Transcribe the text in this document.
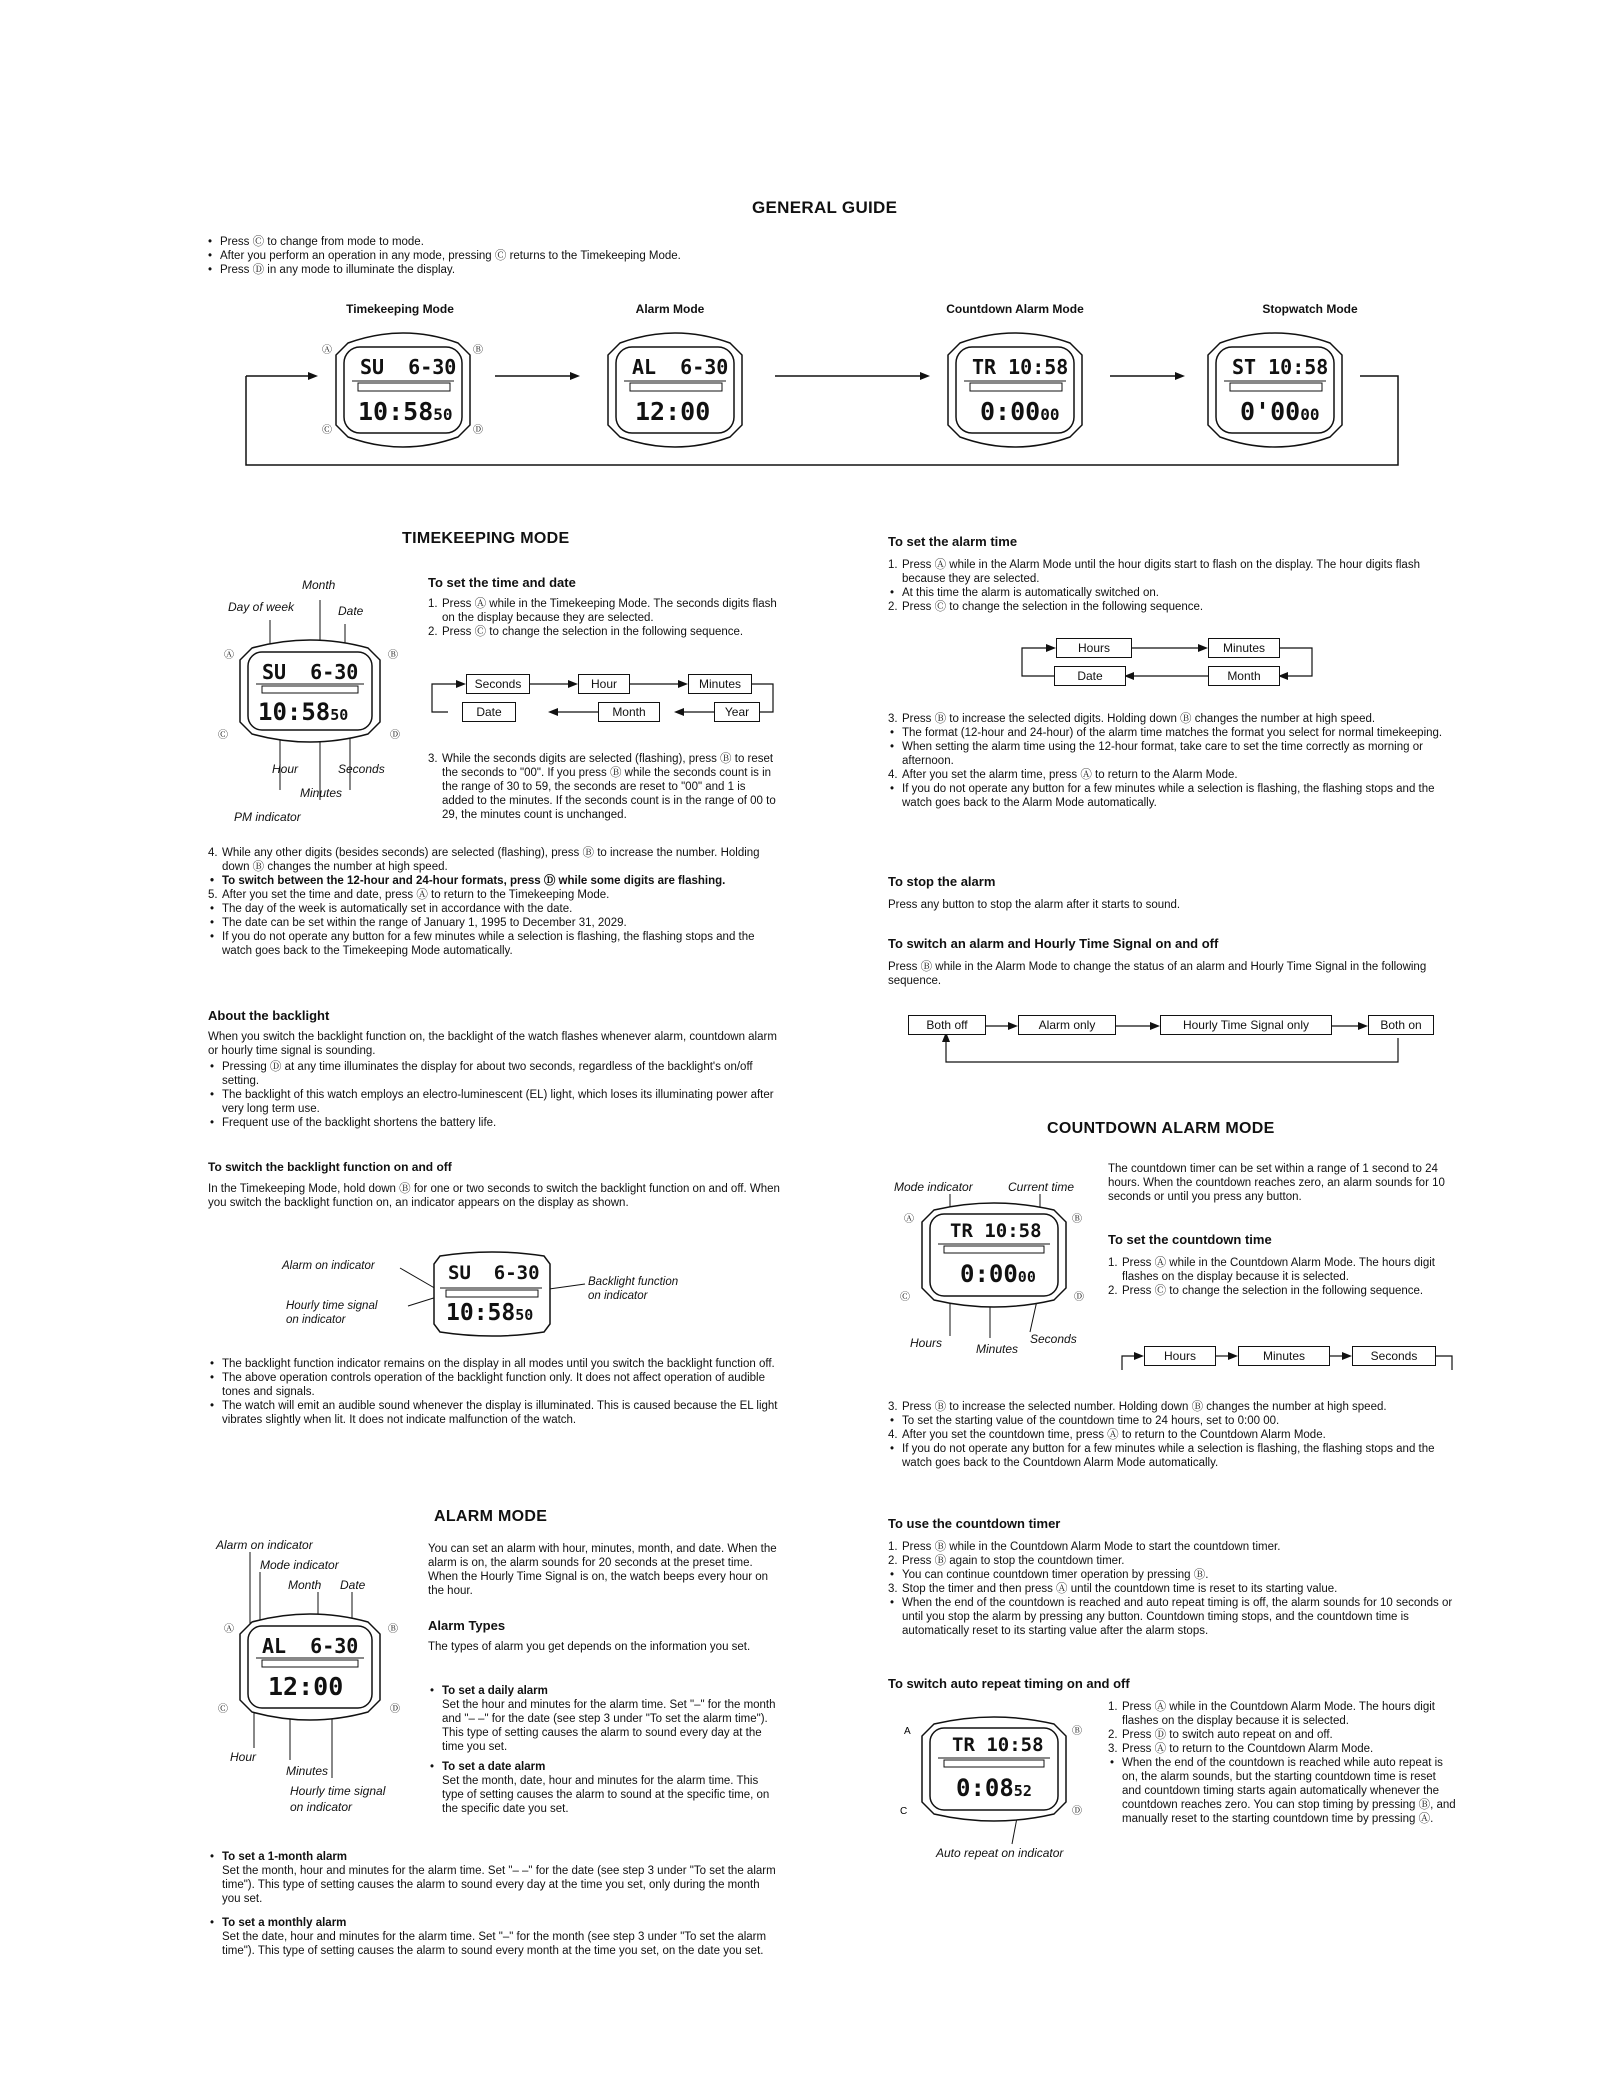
GENERAL GUIDE
• Press Ⓒ to change from mode to mode.
• After you perform an operation in any mode, pressing Ⓒ returns to the Timekeeping Mode.
• Press Ⓓ in any mode to illuminate the display.
Timekeeping Mode	Alarm Mode	Countdown Alarm Mode	Stopwatch Mode
Ⓐ	Ⓑ
Ⓒ	Ⓓ
SU  6-30
10:5850
AL  6-30
12:00
TR 10:58
0:0000
ST 10:58
0'0000
TIMEKEEPING MODE
Month
Day of week	Date
Ⓐ	Ⓑ
Ⓒ	Ⓓ
SU  6-30
10:5850
Hour	Seconds
Minutes
PM indicator
To set the time and date
1. Press Ⓐ while in the Timekeeping Mode. The seconds digits flash on the display because they are selected.
2. Press Ⓒ to change the selection in the following sequence.
Seconds	Hour	Minutes
Date	Month	Year
3. While the seconds digits are selected (flashing), press Ⓑ to reset the seconds to "00". If you press Ⓑ while the seconds count is in the range of 30 to 59, the seconds are reset to "00" and 1 is added to the minutes. If the seconds count is in the range of 00 to 29, the minutes count is unchanged.
4. While any other digits (besides seconds) are selected (flashing), press Ⓑ to increase the number. Holding down Ⓑ changes the number at high speed.
• To switch between the 12-hour and 24-hour formats, press Ⓓ while some digits are flashing.
5. After you set the time and date, press Ⓐ to return to the Timekeeping Mode.
• The day of the week is automatically set in accordance with the date.
• The date can be set within the range of January 1, 1995 to December 31, 2029.
• If you do not operate any button for a few minutes while a selection is flashing, the flashing stops and the watch goes back to the Timekeeping Mode automatically.
About the backlight
When you switch the backlight function on, the backlight of the watch flashes whenever alarm, countdown alarm or hourly time signal is sounding.
• Pressing Ⓓ at any time illuminates the display for about two seconds, regardless of the backlight's on/off setting.
• The backlight of this watch employs an electro-luminescent (EL) light, which loses its illuminating power after very long term use.
• Frequent use of the backlight shortens the battery life.
To switch the backlight function on and off
In the Timekeeping Mode, hold down Ⓑ for one or two seconds to switch the backlight function on and off. When you switch the backlight function on, an indicator appears on the display as shown.
Alarm on indicator
Hourly time signal
on indicator
Backlight function
on indicator
SU  6-30
10:5850
• The backlight function indicator remains on the display in all modes until you switch the backlight function off.
• The above operation controls operation of the backlight function only. It does not affect operation of audible tones and signals.
• The watch will emit an audible sound whenever the display is illuminated. This is caused because the EL light vibrates slightly when lit. It does not indicate malfunction of the watch.
ALARM MODE
Alarm on indicator
Mode indicator
Month Date
Ⓐ	Ⓑ
Ⓒ	Ⓓ
AL  6-30
12:00
Hour
Minutes
Hourly time signal
on indicator
You can set an alarm with hour, minutes, month, and date. When the alarm is on, the alarm sounds for 20 seconds at the preset time. When the Hourly Time Signal is on, the watch beeps every hour on the hour.
Alarm Types
The types of alarm you get depends on the information you set.
• To set a daily alarm
Set the hour and minutes for the alarm time. Set "–" for the month and "– –" for the date (see step 3 under "To set the alarm time"). This type of setting causes the alarm to sound every day at the time you set.
• To set a date alarm
Set the month, date, hour and minutes for the alarm time. This type of setting causes the alarm to sound at the specific time, on the specific date you set.
• To set a 1-month alarm
Set the month, hour and minutes for the alarm time. Set "– –" for the date (see step 3 under "To set the alarm time"). This type of setting causes the alarm to sound every day at the time you set, only during the month you set.
• To set a monthly alarm
Set the date, hour and minutes for the alarm time. Set "–" for the month (see step 3 under "To set the alarm time"). This type of setting causes the alarm to sound every month at the time you set, on the date you set.
To set the alarm time
1. Press Ⓐ while in the Alarm Mode until the hour digits start to flash on the display. The hour digits flash because they are selected.
• At this time the alarm is automatically switched on.
2. Press Ⓒ to change the selection in the following sequence.
Hours	Minutes
Date	Month
3. Press Ⓑ to increase the selected digits. Holding down Ⓑ changes the number at high speed.
• The format (12-hour and 24-hour) of the alarm time matches the format you select for normal timekeeping.
• When setting the alarm time using the 12-hour format, take care to set the time correctly as morning or afternoon.
4. After you set the alarm time, press Ⓐ to return to the Alarm Mode.
• If you do not operate any button for a few minutes while a selection is flashing, the flashing stops and the watch goes back to the Alarm Mode automatically.
To stop the alarm
Press any button to stop the alarm after it starts to sound.
To switch an alarm and Hourly Time Signal on and off
Press Ⓑ while in the Alarm Mode to change the status of an alarm and Hourly Time Signal in the following sequence.
Both off	Alarm only	Hourly Time Signal only	Both on
COUNTDOWN ALARM MODE
Mode indicator	Current time
Ⓐ	Ⓑ
Ⓒ	Ⓓ
TR 10:58
0:0000
Hours	Minutes
Seconds
The countdown timer can be set within a range of 1 second to 24 hours. When the countdown reaches zero, an alarm sounds for 10 seconds or until you press any button.
To set the countdown time
1. Press Ⓐ while in the Countdown Alarm Mode. The hours digit flashes on the display because it is selected.
2. Press Ⓒ to change the selection in the following sequence.
Hours	Minutes	Seconds
3. Press Ⓑ to increase the selected number. Holding down Ⓑ changes the number at high speed.
• To set the starting value of the countdown time to 24 hours, set to 0:00 00.
4. After you set the countdown time, press Ⓐ to return to the Countdown Alarm Mode.
• If you do not operate any button for a few minutes while a selection is flashing, the flashing stops and the watch goes back to the Countdown Alarm Mode automatically.
To use the countdown timer
1. Press Ⓑ while in the Countdown Alarm Mode to start the countdown timer.
2. Press Ⓑ again to stop the countdown timer.
• You can continue countdown timer operation by pressing Ⓑ.
3. Stop the timer and then press Ⓐ until the countdown time is reset to its starting value.
• When the end of the countdown is reached and auto repeat timing is off, the alarm sounds for 10 seconds or until you stop the alarm by pressing any button. Countdown timing stops, and the countdown time is automatically reset to its starting value after the alarm stops.
To switch auto repeat timing on and off
A	Ⓑ
C	Ⓓ
TR 10:58
0:0852
Auto repeat on indicator
1. Press Ⓐ while in the Countdown Alarm Mode. The hours digit flashes on the display because it is selected.
2. Press Ⓓ to switch auto repeat on and off.
3. Press Ⓐ to return to the Countdown Alarm Mode.
• When the end of the countdown is reached while auto repeat is on, the alarm sounds, but the starting countdown time is reset and countdown timing starts again automatically whenever the countdown reaches zero. You can stop timing by pressing Ⓑ, and manually reset to the starting countdown time by pressing Ⓐ.
